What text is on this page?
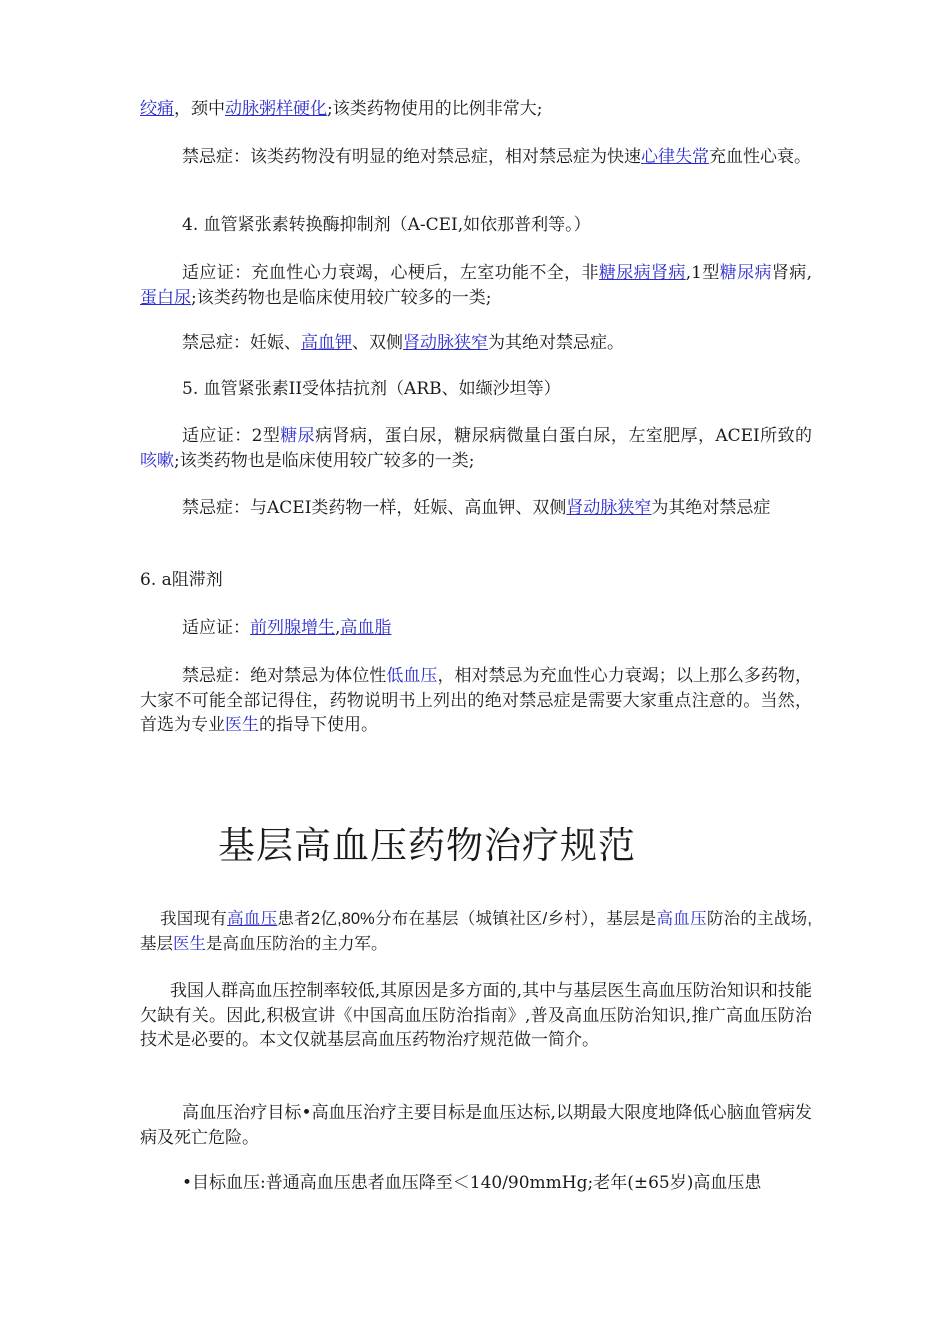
绞痛，颈中动脉粥样硬化;该类药物使用的比例非常大;

禁忌症：该类药物没有明显的绝对禁忌症，相对禁忌症为快速心律失常充血性心衰。

4. 血管紧张素转换酶抑制剂（A-CEI,如依那普利等。）

适应证：充血性心力衰竭，心梗后，左室功能不全，非糖尿病肾病,1型糖尿病肾病,蛋白尿;该类药物也是临床使用较广较多的一类;

禁忌症：妊娠、高血钾、双侧肾动脉狭窄为其绝对禁忌症。

5. 血管紧张素II受体拮抗剂（ARB、如缬沙坦等）

适应证：2型糖尿病肾病，蛋白尿，糖尿病微量白蛋白尿，左室肥厚，ACEI所致的咳嗽;该类药物也是临床使用较广较多的一类;

禁忌症：与ACEI类药物一样，妊娠、高血钾、双侧肾动脉狭窄为其绝对禁忌症

6. a阻滞剂

适应证：前列腺增生,高血脂

禁忌症：绝对禁忌为体位性低血压，相对禁忌为充血性心力衰竭；以上那么多药物，大家不可能全部记得住，药物说明书上列出的绝对禁忌症是需要大家重点注意的。当然，首选为专业医生的指导下使用。

基层高血压药物治疗规范

我国现有高血压患者2亿,80%分布在基层（城镇社区/乡村），基层是高血压防治的主战场,基层医生是高血压防治的主力军。

我国人群高血压控制率较低,其原因是多方面的,其中与基层医生高血压防治知识和技能欠缺有关。因此,积极宣讲《中国高血压防治指南》,普及高血压防治知识,推广高血压防治技术是必要的。本文仅就基层高血压药物治疗规范做一简介。

高血压治疗目标•高血压治疗主要目标是血压达标,以期最大限度地降低心脑血管病发病及死亡危险。

•目标血压:普通高血压患者血压降至＜140/90mmHg;老年(±65岁)高血压患
